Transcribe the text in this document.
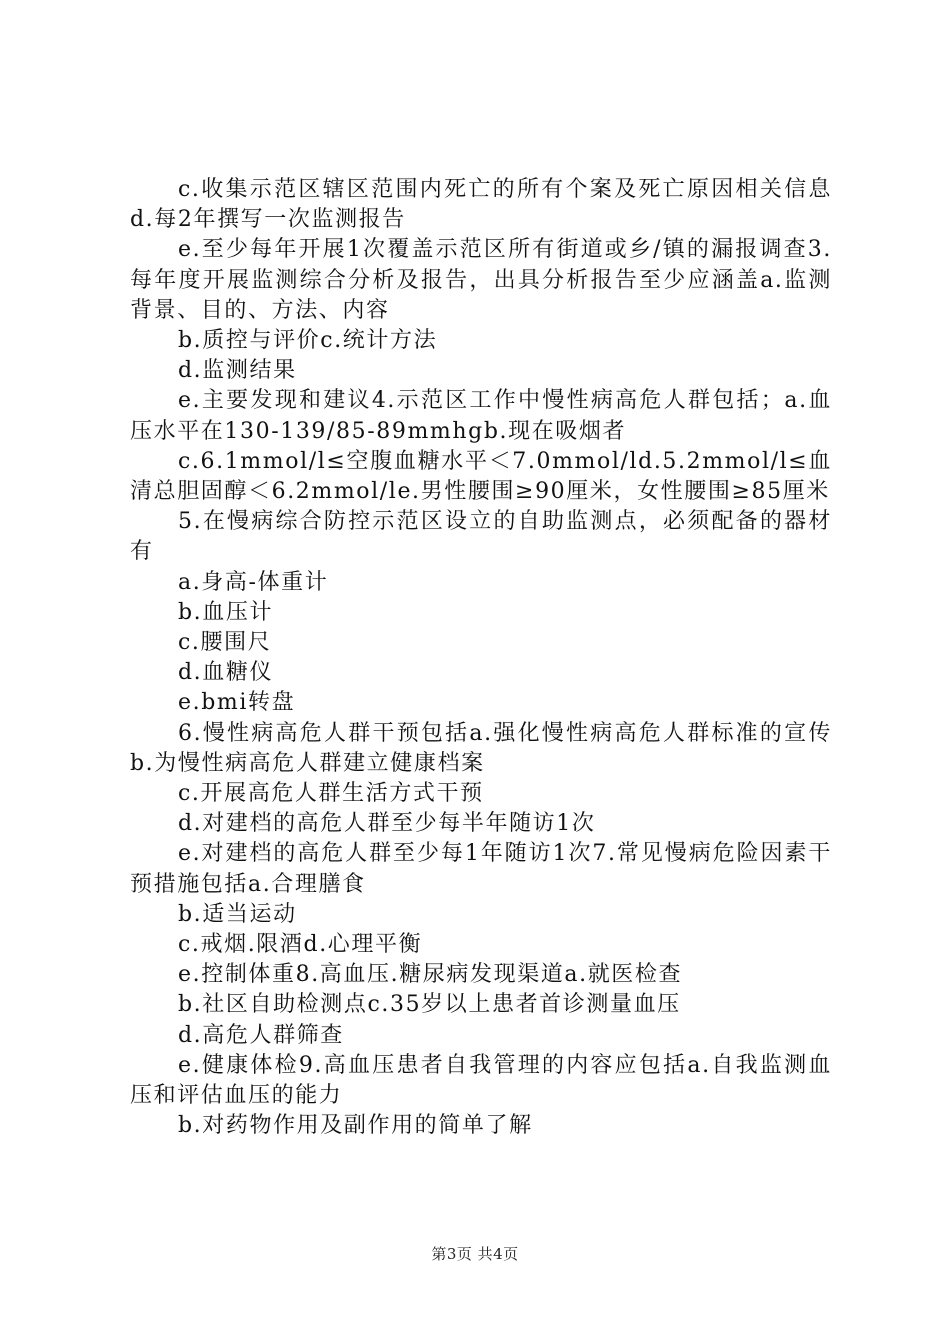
c.收集示范区辖区范围内死亡的所有个案及死亡原因相关信息d.每2年撰写一次监测报告

e.至少每年开展1次覆盖示范区所有街道或乡/镇的漏报调查3.每年度开展监测综合分析及报告，出具分析报告至少应涵盖a.监测背景、目的、方法、内容

b.质控与评价c.统计方法

d.监测结果

e.主要发现和建议4.示范区工作中慢性病高危人群包括；a.血压水平在130-139/85-89mmhgb.现在吸烟者

c.6.1mmol/l≤空腹血糖水平＜7.0mmol/ld.5.2mmol/l≤血清总胆固醇＜6.2mmol/le.男性腰围≥90厘米，女性腰围≥85厘米

5.在慢病综合防控示范区设立的自助监测点，必须配备的器材有

a.身高-体重计

b.血压计

c.腰围尺

d.血糖仪

e.bmi转盘

6.慢性病高危人群干预包括a.强化慢性病高危人群标准的宣传b.为慢性病高危人群建立健康档案

c.开展高危人群生活方式干预

d.对建档的高危人群至少每半年随访1次

e.对建档的高危人群至少每1年随访1次7.常见慢病危险因素干预措施包括a.合理膳食

b.适当运动

c.戒烟.限酒d.心理平衡

e.控制体重8.高血压.糖尿病发现渠道a.就医检查

b.社区自助检测点c.35岁以上患者首诊测量血压

d.高危人群筛查

e.健康体检9.高血压患者自我管理的内容应包括a.自我监测血压和评估血压的能力

b.对药物作用及副作用的简单了解

第3页 共4页
